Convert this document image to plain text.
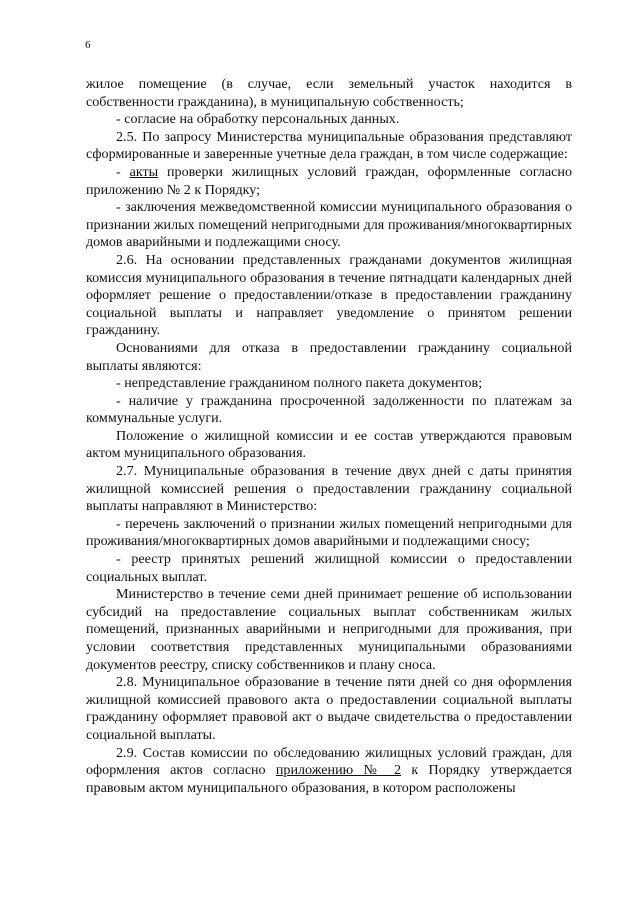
6

жилое помещение (в случае, если земельный участок находится в собственности гражданина), в муниципальную собственность;

- согласие на обработку персональных данных.

2.5. По запросу Министерства муниципальные образования представляют сформированные и заверенные учетные дела граждан, в том числе содержащие:

- акты проверки жилищных условий граждан, оформленные согласно приложению № 2 к Порядку;

- заключения межведомственной комиссии муниципального образования о признании жилых помещений непригодными для проживания/многоквартирных домов аварийными и подлежащими сносу.

2.6. На основании представленных гражданами документов жилищная комиссия муниципального образования в течение пятнадцати календарных дней оформляет решение о предоставлении/отказе в предоставлении гражданину социальной выплаты и направляет уведомление о принятом решении гражданину.

Основаниями для отказа в предоставлении гражданину социальной выплаты являются:

- непредставление гражданином полного пакета документов;

- наличие у гражданина просроченной задолженности по платежам за коммунальные услуги.

Положение о жилищной комиссии и ее состав утверждаются правовым актом муниципального образования.

2.7. Муниципальные образования в течение двух дней с даты принятия жилищной комиссией решения о предоставлении гражданину социальной выплаты направляют в Министерство:

- перечень заключений о признании жилых помещений непригодными для проживания/многоквартирных домов аварийными и подлежащими сносу;

- реестр принятых решений жилищной комиссии о предоставлении социальных выплат.

Министерство в течение семи дней принимает решение об использовании субсидий на предоставление социальных выплат собственникам жилых помещений, признанных аварийными и непригодными для проживания, при условии соответствия представленных муниципальными образованиями документов реестру, списку собственников и плану сноса.

2.8. Муниципальное образование в течение пяти дней со дня оформления жилищной комиссией правового акта о предоставлении социальной выплаты гражданину оформляет правовой акт о выдаче свидетельства о предоставлении социальной выплаты.

2.9. Состав комиссии по обследованию жилищных условий граждан, для оформления актов согласно приложению № 2 к Порядку утверждается правовым актом муниципального образования, в котором расположены
